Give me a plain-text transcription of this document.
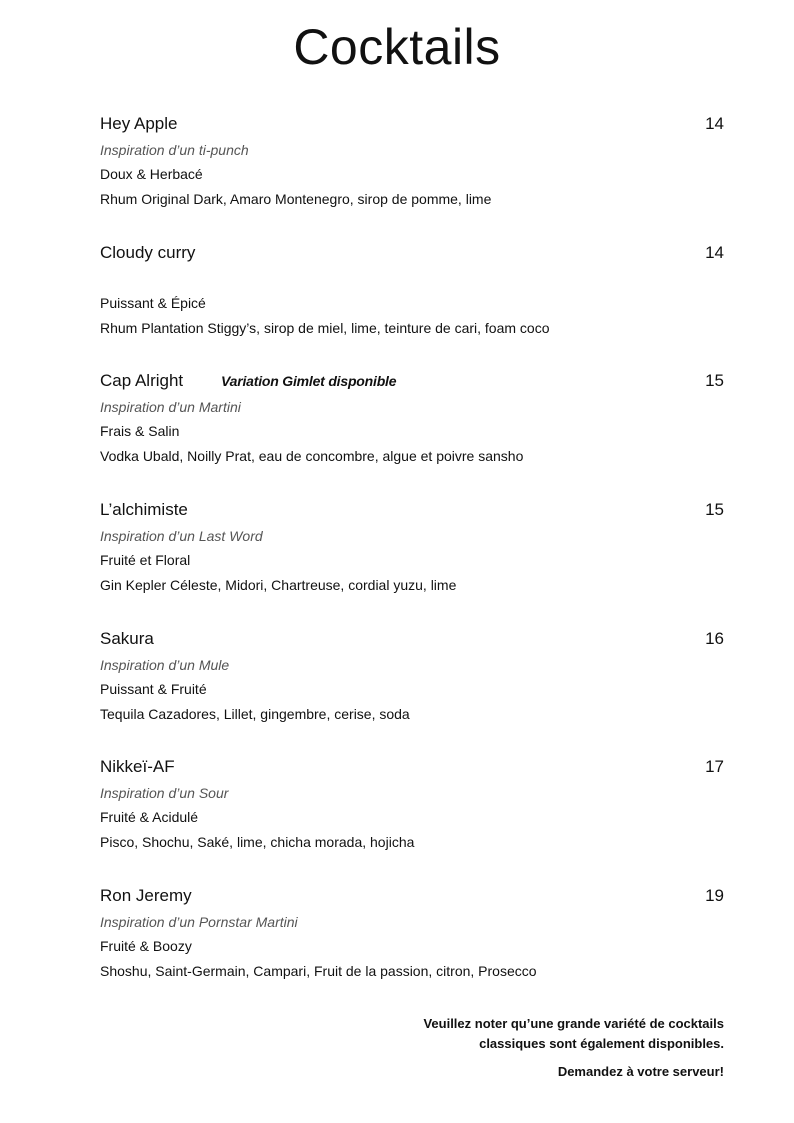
Cocktails
Hey Apple	14
Inspiration d’un ti-punch
Doux & Herbacé
Rhum Original Dark, Amaro Montenegro, sirop de pomme, lime
Cloudy curry	14
Puissant & Épicé
Rhum Plantation Stiggy’s, sirop de miel, lime, teinture de cari, foam coco
Cap Alright	Variation Gimlet disponible	15
Inspiration d’un Martini
Frais & Salin
Vodka Ubald, Noilly Prat, eau de concombre, algue et poivre sansho
L’alchimiste	15
Inspiration d’un Last Word
Fruité et Floral
Gin Kepler Céleste, Midori, Chartreuse, cordial yuzu, lime
Sakura	16
Inspiration d’un Mule
Puissant & Fruité
Tequila Cazadores, Lillet, gingembre, cerise, soda
Nikkeï-AF	17
Inspiration d’un Sour
Fruité & Acidulé
Pisco, Shochu, Saké, lime, chicha morada, hojicha
Ron Jeremy	19
Inspiration d’un Pornstar Martini
Fruité & Boozy
Shoshu, Saint-Germain, Campari, Fruit de la passion, citron, Prosecco
Veuillez noter qu’une grande variété de cocktails
classiques sont également disponibles.
Demandez à votre serveur!
